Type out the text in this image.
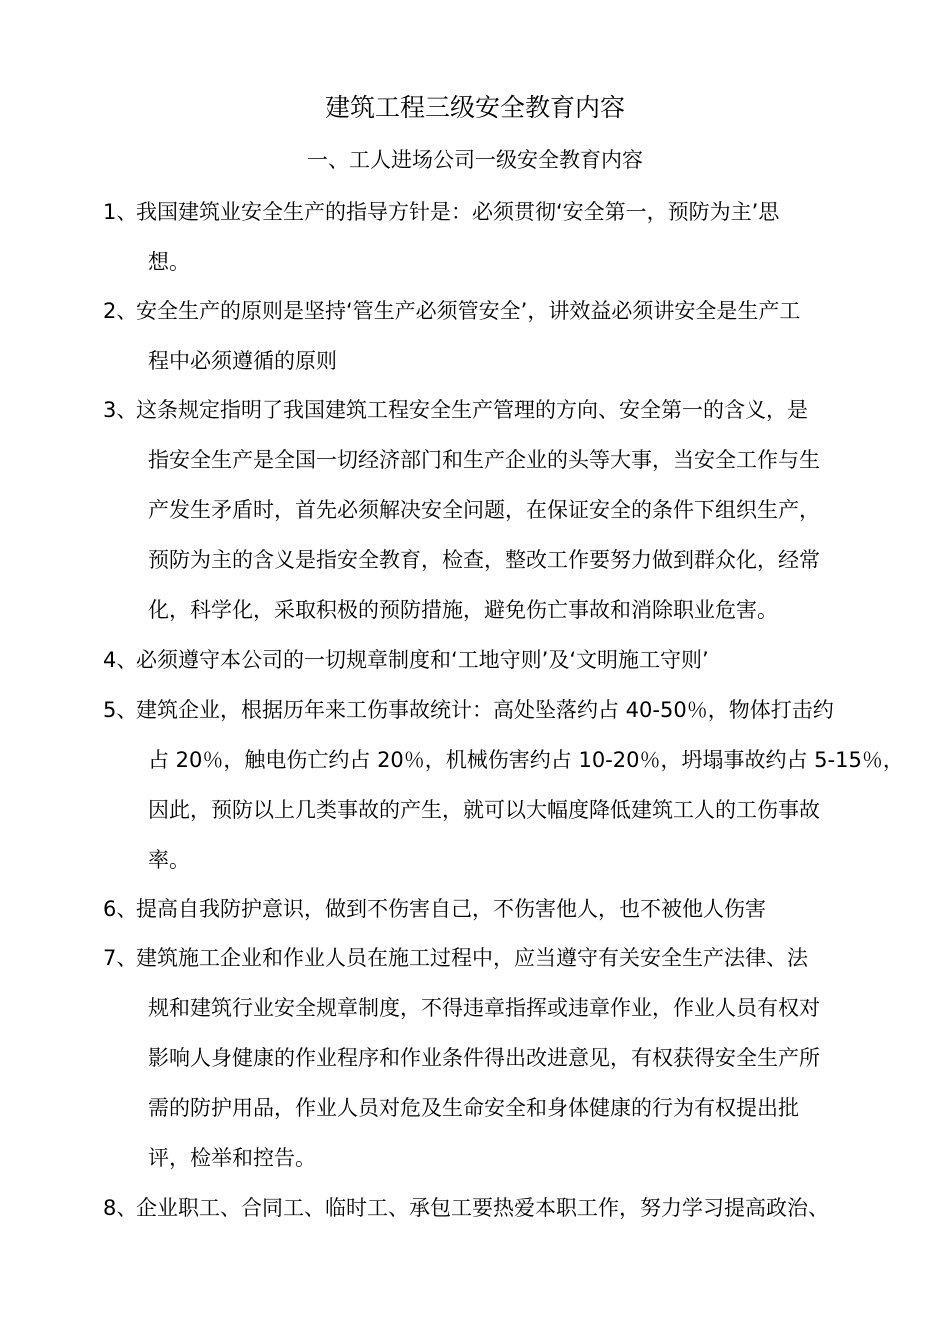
建筑工程三级安全教育内容
一、工人进场公司一级安全教育内容
1、
我国建筑业安全生产的指导方针是：必须贯彻‘安全第一，预防为主’思
想。
2、
安全生产的原则是坚持‘管生产必须管安全’，讲效益必须讲安全是生产工
程中必须遵循的原则
3、
这条规定指明了我国建筑工程安全生产管理的方向、安全第一的含义，是
指安全生产是全国一切经济部门和生产企业的头等大事，当安全工作与生
产发生矛盾时，首先必须解决安全问题，在保证安全的条件下组织生产，
预防为主的含义是指安全教育，检查，整改工作要努力做到群众化，经常
化，科学化，采取积极的预防措施，避免伤亡事故和消除职业危害。
4、
必须遵守本公司的一切规章制度和‘工地守则’及‘文明施工守则’
5、
建筑企业，根据历年来工伤事故统计：高处坠落约占 40-50％，物体打击约
占 20％，触电伤亡约占 20％，机械伤害约占 10-20％，坍塌事故约占 5-15％，
因此，预防以上几类事故的产生，就可以大幅度降低建筑工人的工伤事故
率。
6、
提高自我防护意识，做到不伤害自己，不伤害他人，也不被他人伤害
7、
建筑施工企业和作业人员在施工过程中，应当遵守有关安全生产法律、法
规和建筑行业安全规章制度，不得违章指挥或违章作业，作业人员有权对
影响人身健康的作业程序和作业条件得出改进意见，有权获得安全生产所
需的防护用品，作业人员对危及生命安全和身体健康的行为有权提出批
评，检举和控告。
8、
企业职工、合同工、临时工、承包工要热爱本职工作，努力学习提高政治、
